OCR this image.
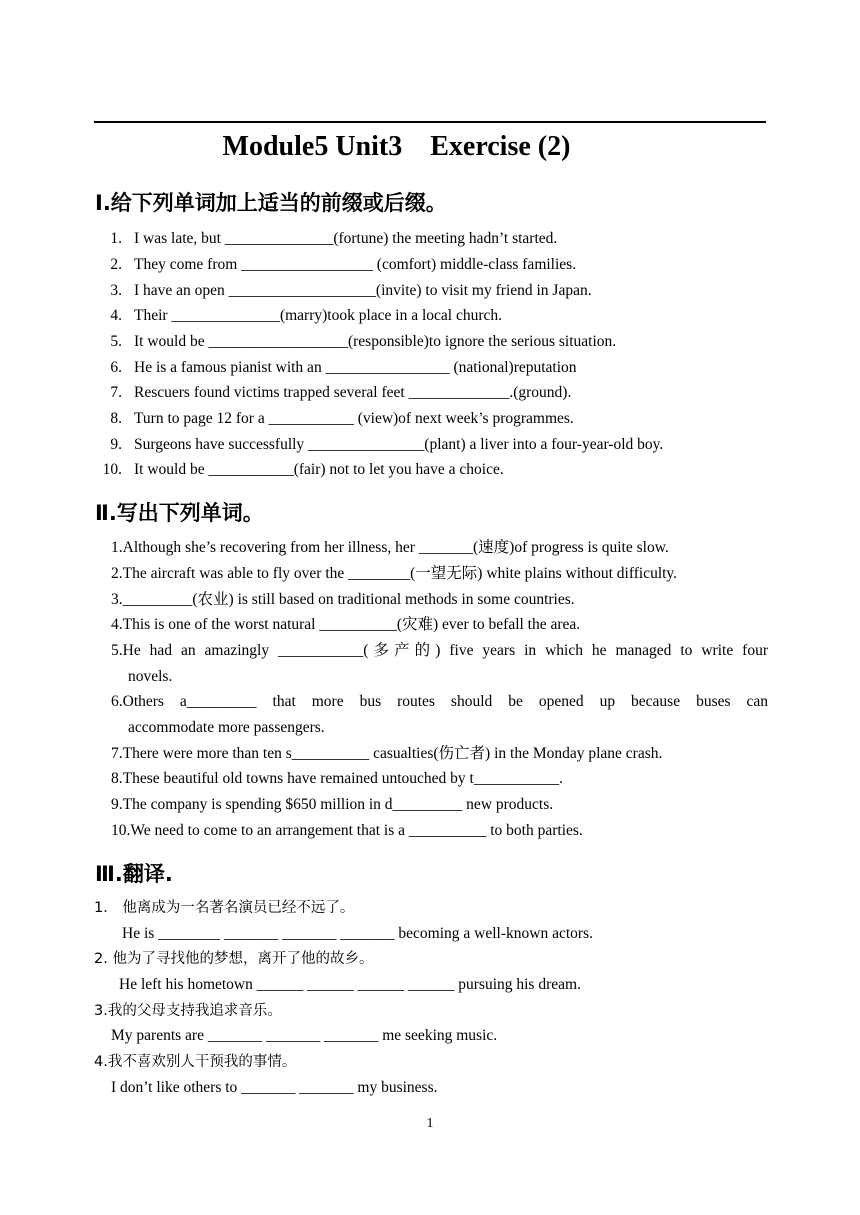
Module5 Unit3    Exercise (2)
Ⅰ.给下列单词加上适当的前缀或后缀。
1. I was late, but ______________(fortune) the meeting hadn’t started.
2. They come from _________________ (comfort) middle-class families.
3. I have an open ___________________(invite) to visit my friend in Japan.
4. Their ______________(marry)took place in a local church.
5. It would be __________________(responsible)to ignore the serious situation.
6. He is a famous pianist with an ________________ (national)reputation
7. Rescuers found victims trapped several feet _____________.(ground).
8. Turn to page 12 for a ___________ (view)of next week’s programmes.
9. Surgeons have successfully _______________(plant) a liver into a four-year-old boy.
10. It would be ___________(fair) not to let you have a choice.
Ⅱ.写出下列单词。
1.Although she’s recovering from her illness, her _______(速度)of progress is quite slow.
2.The aircraft was able to fly over the ________(一望无际) white plains without difficulty.
3._________(农业) is still based on traditional methods in some countries.
4.This is one of the worst natural __________(灾难) ever to befall the area.
5.He had an amazingly ___________(多产的) five years in which he managed to write four
novels.
6.Others a_________ that more bus routes should be opened up because buses can
accommodate more passengers.
7.There were more than ten s__________ casualties(伤亡者) in the Monday plane crash.
8.These beautiful old towns have remained untouched by t___________.
9.The company is spending $650 million in d_________ new products.
10.We need to come to an arrangement that is a __________ to both parties.
Ⅲ.翻译.
1． 他离成为一名著名演员已经不远了。
He is ________ _______ _______ _______ becoming a well-known actors.
2. 他为了寻找他的梦想，离开了他的故乡。
He left his hometown ______ ______ ______ ______ pursuing his dream.
3.我的父母支持我追求音乐。
My parents are _______ _______ _______ me seeking music.
4.我不喜欢别人干预我的事情。
I don’t like others to _______ _______ my business.
1
